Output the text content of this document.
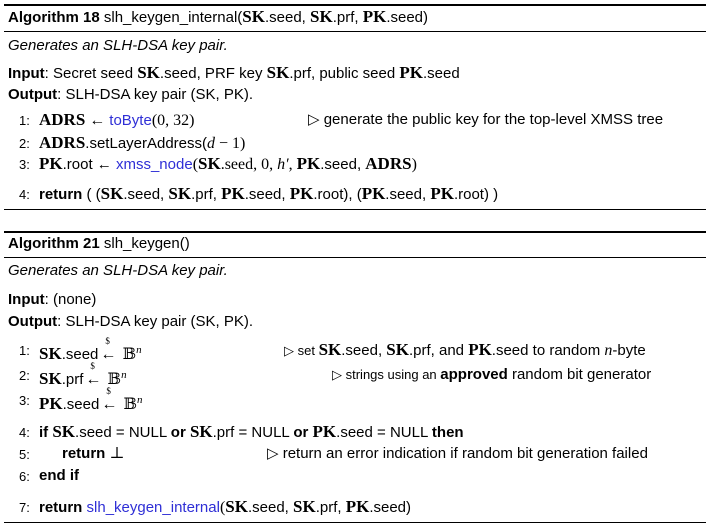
Algorithm 18 slh_keygen_internal(SK.seed, SK.prf, PK.seed)
Generates an SLH-DSA key pair.
Input: Secret seed SK.seed, PRF key SK.prf, public seed PK.seed
Output: SLH-DSA key pair (SK, PK).
1: ADRS ← toByte(0, 32)	▷ generate the public key for the top-level XMSS tree
2: ADRS.setLayerAddress(d − 1)
3: PK.root ← xmss_node(SK.seed, 0, h′, PK.seed, ADRS)
4: return ( (SK.seed, SK.prf, PK.seed, PK.root), (PK.seed, PK.root) )
Algorithm 21 slh_keygen()
Generates an SLH-DSA key pair.
Input: (none)
Output: SLH-DSA key pair (SK, PK).
1: SK.seed
$
← 𝔹$^n$	▷ set SK.seed, SK.prf, and PK.seed to random n-byte
2: SK.prf
$
← 𝔹$^n$	▷ strings using an approved random bit generator
3: PK.seed
$
← 𝔹$^n$
4: if SK.seed = NULL or SK.prf = NULL or PK.seed = NULL then
5: return ⊥	▷ return an error indication if random bit generation failed
6: end if
7: return slh_keygen_internal(SK.seed, SK.prf, PK.seed)
